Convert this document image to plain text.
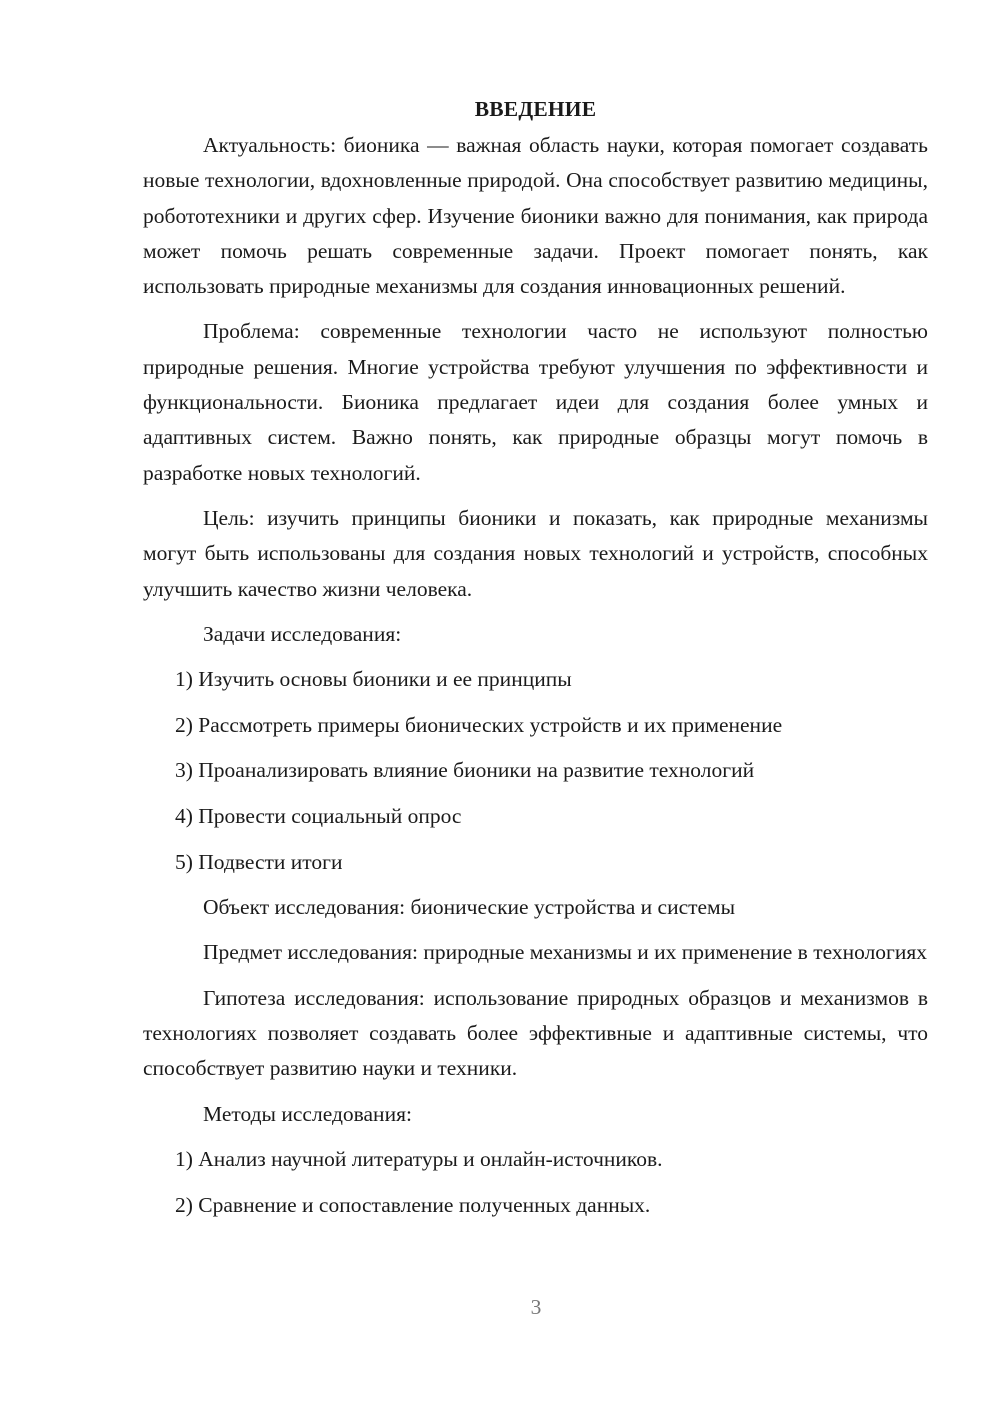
ВВЕДЕНИЕ

Актуальность: бионика — важная область науки, которая помогает создавать новые технологии, вдохновленные природой. Она способствует развитию медицины, робототехники и других сфер. Изучение бионики важно для понимания, как природа может помочь решать современные задачи. Проект помогает понять, как использовать природные механизмы для создания инновационных решений.

Проблема: современные технологии часто не используют полностью природные решения. Многие устройства требуют улучшения по эффективности и функциональности. Бионика предлагает идеи для создания более умных и адаптивных систем. Важно понять, как природные образцы могут помочь в разработке новых технологий.

Цель: изучить принципы бионики и показать, как природные механизмы могут быть использованы для создания новых технологий и устройств, способных улучшить качество жизни человека.

Задачи исследования:
1) Изучить основы бионики и ее принципы
2) Рассмотреть примеры бионических устройств и их применение
3) Проанализировать влияние бионики на развитие технологий
4) Провести социальный опрос
5) Подвести итоги
Объект исследования: бионические устройства и системы

Предмет исследования: природные механизмы и их применение в технологиях

Гипотеза исследования: использование природных образцов и механизмов в технологиях позволяет создавать более эффективные и адаптивные системы, что способствует развитию науки и техники.

Методы исследования:
1) Анализ научной литературы и онлайн-источников.
2) Сравнение и сопоставление полученных данных.
3
